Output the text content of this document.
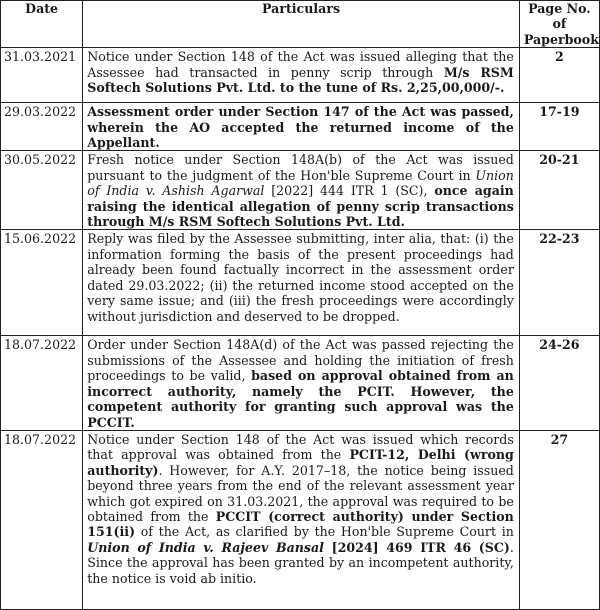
Date	Particulars	Page No. of Paperbook
31.03.2021	Notice under Section 148 of the Act was issued alleging that the Assessee had transacted in penny scrip through M/s RSM Softech Solutions Pvt. Ltd. to the tune of Rs. 2,25,00,000/-.	2
29.03.2022	Assessment order under Section 147 of the Act was passed, wherein the AO accepted the returned income of the Appellant.	17-19
30.05.2022	Fresh notice under Section 148A(b) of the Act was issued pursuant to the judgment of the Hon'ble Supreme Court in Union of India v. Ashish Agarwal [2022] 444 ITR 1 (SC), once again raising the identical allegation of penny scrip transactions through M/s RSM Softech Solutions Pvt. Ltd.	20-21
15.06.2022	Reply was filed by the Assessee submitting, inter alia, that: (i) the information forming the basis of the present proceedings had already been found factually incorrect in the assessment order dated 29.03.2022; (ii) the returned income stood accepted on the very same issue; and (iii) the fresh proceedings were accordingly without jurisdiction and deserved to be dropped.	22-23
18.07.2022	Order under Section 148A(d) of the Act was passed rejecting the submissions of the Assessee and holding the initiation of fresh proceedings to be valid, based on approval obtained from an incorrect authority, namely the PCIT. However, the competent authority for granting such approval was the PCCIT.	24-26
18.07.2022	Notice under Section 148 of the Act was issued which records that approval was obtained from the PCIT-12, Delhi (wrong authority). However, for A.Y. 2017–18, the notice being issued beyond three years from the end of the relevant assessment year which got expired on 31.03.2021, the approval was required to be obtained from the PCCIT (correct authority) under Section 151(ii) of the Act, as clarified by the Hon'ble Supreme Court in Union of India v. Rajeev Bansal [2024] 469 ITR 46 (SC). Since the approval has been granted by an incompetent authority, the notice is void ab initio.	27
